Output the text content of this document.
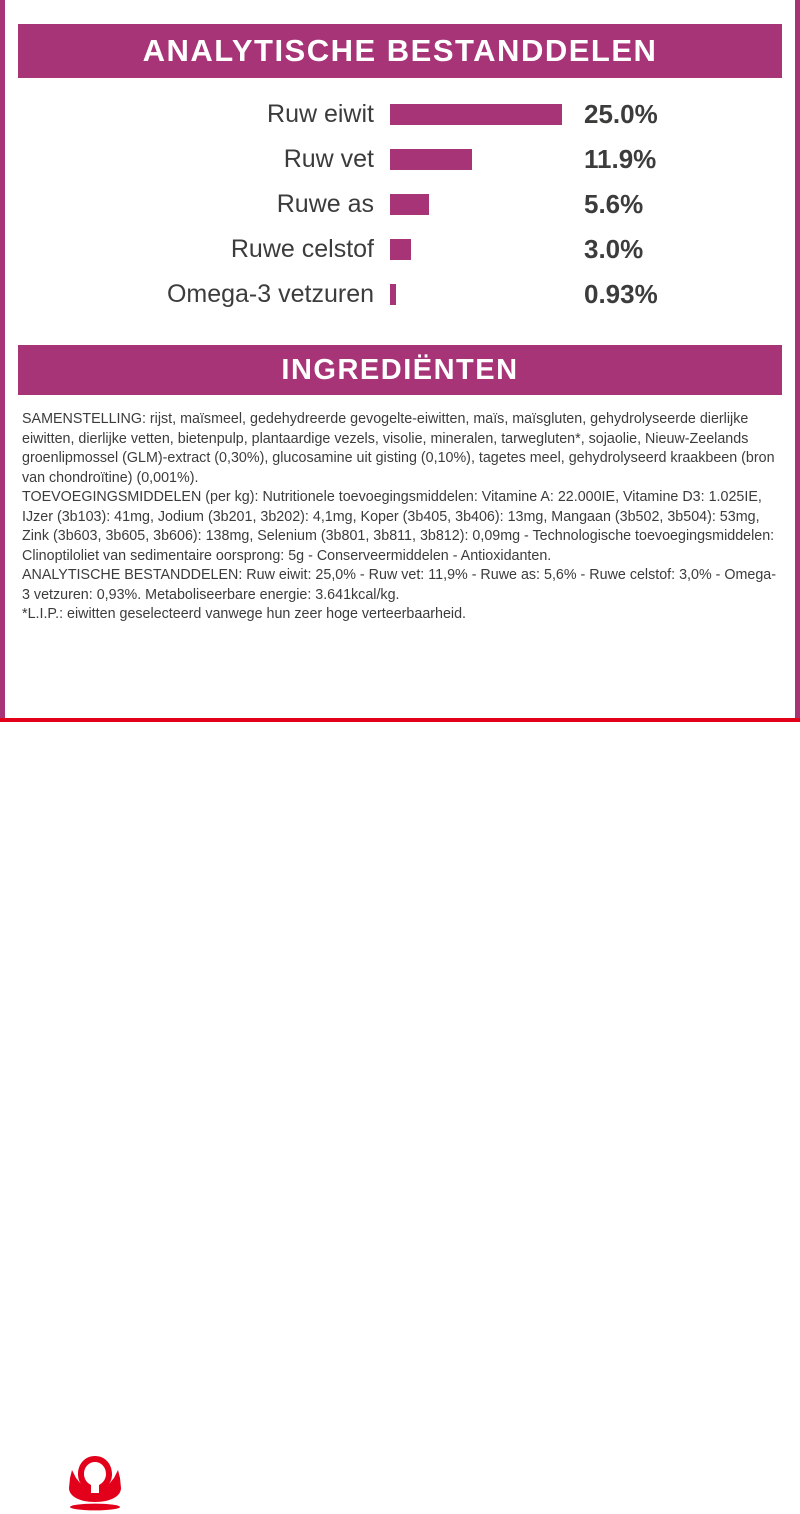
ANALYTISCHE BESTANDDELEN
Ruw eiwit	25.0%
Ruw vet	11.9%
Ruwe as	5.6%
Ruwe celstof	3.0%
Omega-3 vetzuren	0.93%
INGREDIËNTEN

SAMENSTELLING: rijst, maïsmeel, gedehydreerde gevogelte-eiwitten, maïs, maïsgluten, gehydrolyseerde dierlijke eiwitten, dierlijke vetten, bietenpulp, plantaardige vezels, visolie, mineralen, tarwegluten*, sojaolie, Nieuw-Zeelands groenlipmossel (GLM)-extract (0,30%), glucosamine uit gisting (0,10%), tagetes meel, gehydrolyseerd kraakbeen (bron van chondroïtine) (0,001%).

TOEVOEGINGSMIDDELEN (per kg): Nutritionele toevoegingsmiddelen: Vitamine A: 22.000IE, Vitamine D3: 1.025IE, IJzer (3b103): 41mg, Jodium (3b201, 3b202): 4,1mg, Koper (3b405, 3b406): 13mg, Mangaan (3b502, 3b504): 53mg, Zink (3b603, 3b605, 3b606): 138mg, Selenium (3b801, 3b811, 3b812): 0,09mg - Technologische toevoegingsmiddelen: Clinoptiloliet van sedimentaire oorsprong: 5g - Conserveermiddelen - Antioxidanten.

ANALYTISCHE BESTANDDELEN: Ruw eiwit: 25,0% - Ruw vet: 11,9% - Ruwe as: 5,6% - Ruwe celstof: 3,0% - Omega-3 vetzuren: 0,93%. Metaboliseerbare energie: 3.641kcal/kg.

*L.I.P.: eiwitten geselecteerd vanwege hun zeer hoge verteerbaarheid.
